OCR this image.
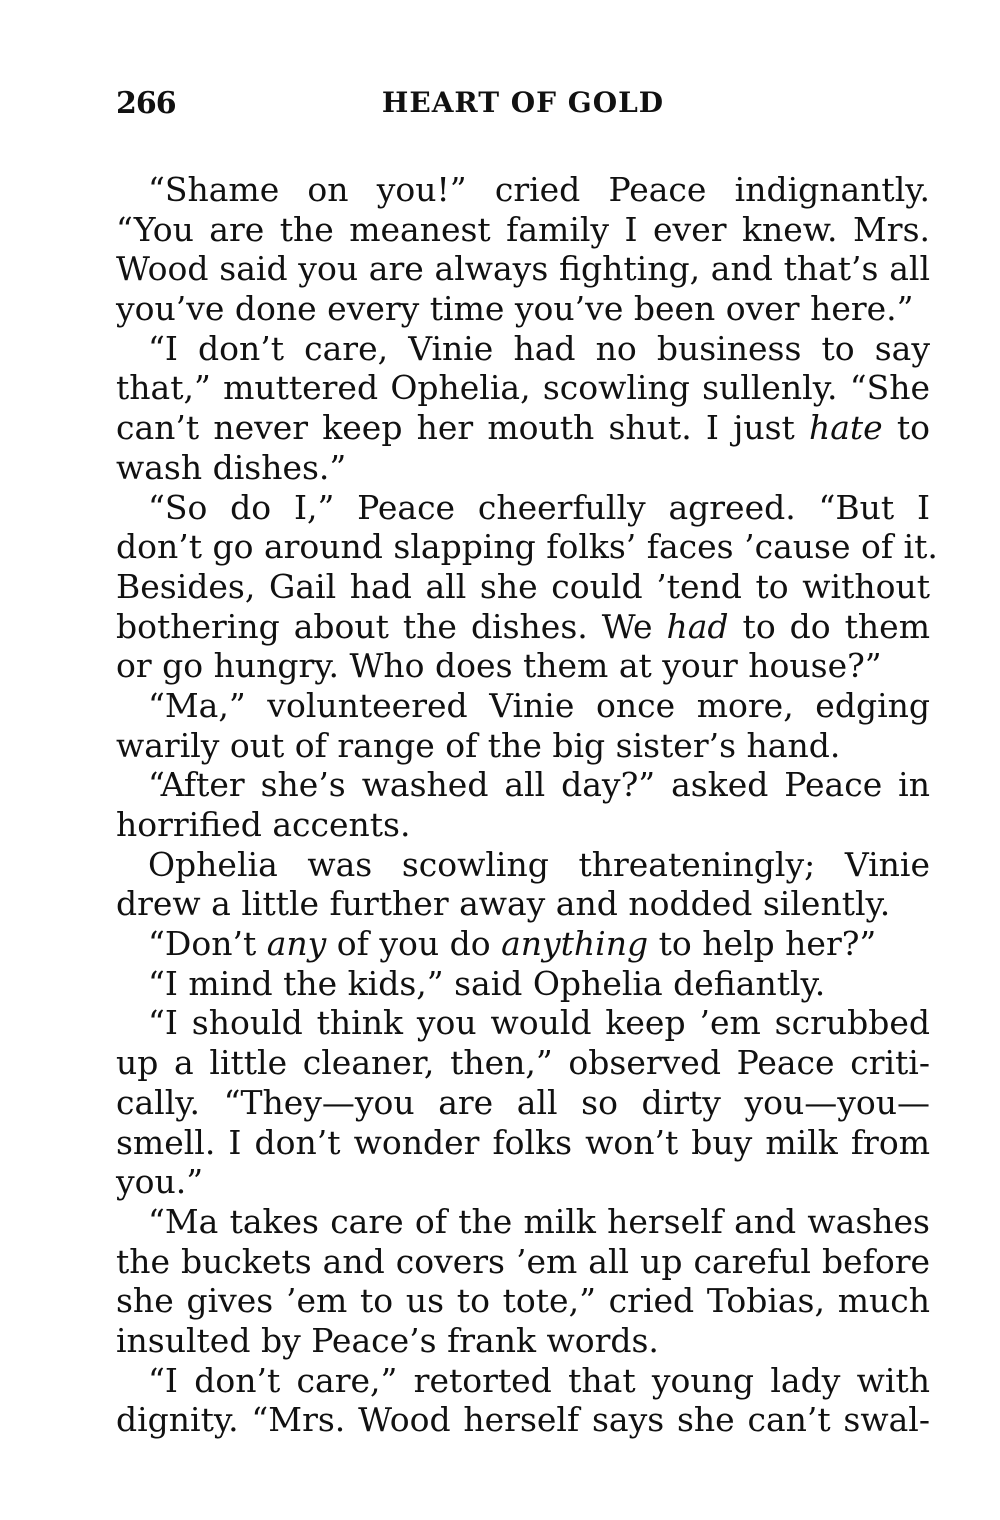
266	HEART OF GOLD
“Shame on you!” cried Peace indignantly.
“You are the meanest family I ever knew. Mrs.
Wood said you are always fighting, and that’s all
you’ve done every time you’ve been over here.”
“I don’t care, Vinie had no business to say
that,” muttered Ophelia, scowling sullenly. “She
can’t never keep her mouth shut. I just hate to
wash dishes.”
“So do I,” Peace cheerfully agreed. “But I
don’t go around slapping folks’ faces ’cause of it.
Besides, Gail had all she could ’tend to without
bothering about the dishes. We had to do them
or go hungry. Who does them at your house?”
“Ma,” volunteered Vinie once more, edging
warily out of range of the big sister’s hand.
“After she’s washed all day?” asked Peace in
horrified accents.
Ophelia was scowling threateningly; Vinie
drew a little further away and nodded silently.
“Don’t any of you do anything to help her?”
“I mind the kids,” said Ophelia defiantly.
“I should think you would keep ’em scrubbed
up a little cleaner, then,” observed Peace criti-
cally. “They—you are all so dirty you—you—
smell. I don’t wonder folks won’t buy milk from
you.”
“Ma takes care of the milk herself and washes
the buckets and covers ’em all up careful before
she gives ’em to us to tote,” cried Tobias, much
insulted by Peace’s frank words.
“I don’t care,” retorted that young lady with
dignity. “Mrs. Wood herself says she can’t swal-
